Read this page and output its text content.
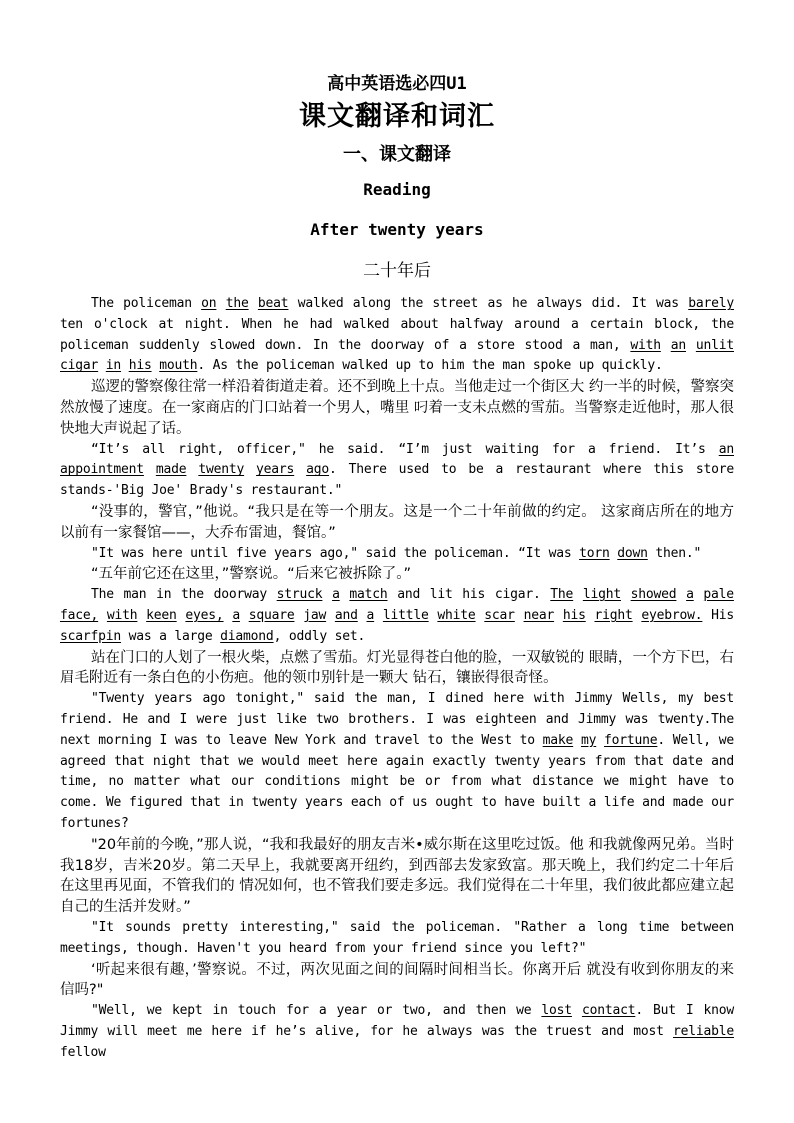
高中英语选必四U1
课文翻译和词汇
一、课文翻译
Reading
After twenty years
二十年后

The policeman on the beat walked along the street as he always did. It was barely ten o'clock at night. When he had walked about halfway around a certain block, the policeman suddenly slowed down. In the doorway of a store stood a man, with an unlit cigar in his mouth. As the policeman walked up to him the man spoke up quickly.

巡逻的警察像往常一样沿着街道走着。还不到晚上十点。当他走过一个街区大 约一半的时候，警察突然放慢了速度。在一家商店的门口站着一个男人，嘴里 叼着一支未点燃的雪茄。当警察走近他时，那人很快地大声说起了话。

“It’s all right, officer," he said. “I’m just waiting for a friend. It’s an appointment made twenty years ago. There used to be a restaurant where this store stands-'Big Joe' Brady's restaurant."

“没事的，警官，”他说。“我只是在等一个朋友。这是一个二十年前做的约定。 这家商店所在的地方以前有一家餐馆——，大乔布雷迪，餐馆。”

"It was here until five years ago," said the policeman. “It was torn down then."

“五年前它还在这里，”警察说。“后来它被拆除了。”

The man in the doorway struck a match and lit his cigar. The light showed a pale face, with keen eyes, a square jaw and a little white scar near his right eyebrow. His scarfpin was a large diamond, oddly set.

站在门口的人划了一根火柴，点燃了雪茄。灯光显得苍白他的脸，一双敏锐的 眼睛，一个方下巴，右眉毛附近有一条白色的小伤疤。他的领巾别针是一颗大 钻石，镶嵌得很奇怪。

"Twenty years ago tonight," said the man, I dined here with Jimmy Wells, my best friend. He and I were just like two brothers. I was eighteen and Jimmy was twenty.The next morning I was to leave New York and travel to the West to make my fortune. Well, we agreed that night that we would meet here again exactly twenty years from that date and time, no matter what our conditions might be or from what distance we might have to come. We figured that in twenty years each of us ought to have built a life and made our fortunes?

"20年前的今晚，”那人说，“我和我最好的朋友吉米•威尔斯在这里吃过饭。他 和我就像两兄弟。当时我18岁，吉米20岁。第二天早上，我就要离开纽约，到西部去发家致富。那天晚上，我们约定二十年后在这里再见面，不管我们的 情况如何，也不管我们要走多远。我们觉得在二十年里，我们彼此都应建立起 自己的生活并发财。”

"It sounds pretty interesting," said the policeman. "Rather a long time between meetings, though. Haven't you heard from your friend since you left?"

‘听起来很有趣，’警察说。不过，两次见面之间的间隔时间相当长。你离开后 就没有收到你朋友的来信吗?"

"Well, we kept in touch for a year or two, and then we lost contact. But I know Jimmy will meet me here if he’s alive, for he always was the truest and most reliable fellow
